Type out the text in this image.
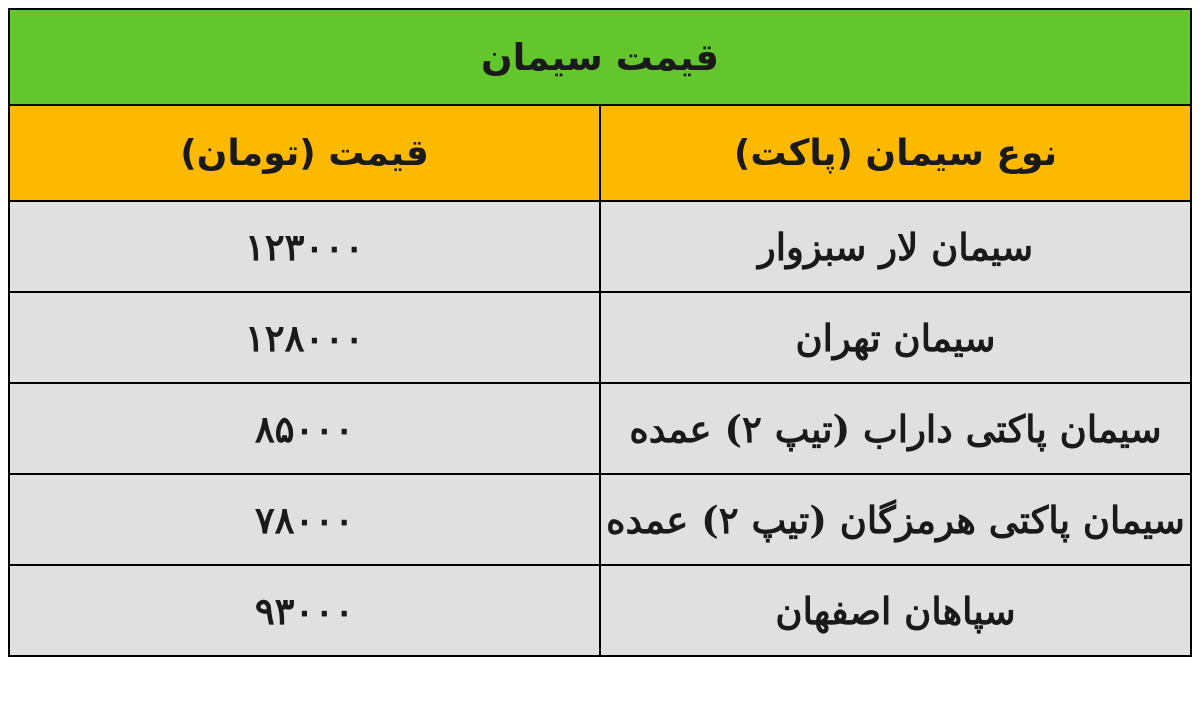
قیمت سیمان	
نوع سیمان (پاکت)	قیمت (تومان)
سیمان لار سبزوار	۱۲۳۰۰۰
سیمان تهران	۱۲۸۰۰۰
سیمان پاکتی داراب (تیپ ۲) عمده	۸۵۰۰۰
سیمان پاکتی هرمزگان (تیپ ۲) عمده	۷۸۰۰۰
سپاهان اصفهان	۹۳۰۰۰
